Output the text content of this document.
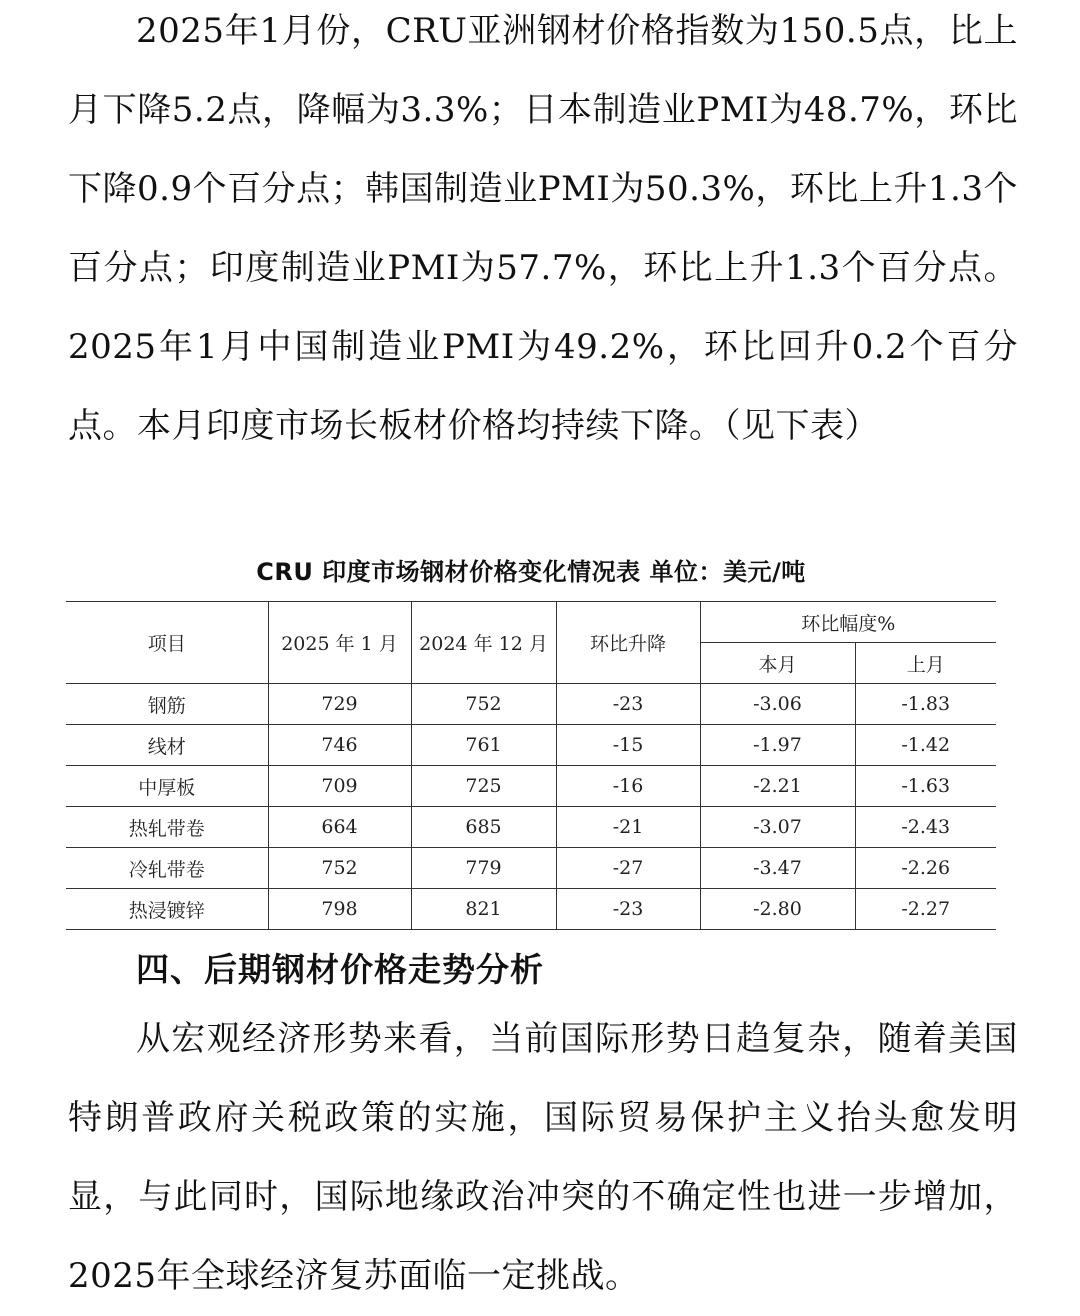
2025年1月份，CRU亚洲钢材价格指数为150.5点，比上月下降5.2点，降幅为3.3%；日本制造业PMI为48.7%，环比下降0.9个百分点；韩国制造业PMI为50.3%，环比上升1.3个百分点；印度制造业PMI为57.7%，环比上升1.3个百分点。2025年1月中国制造业PMI为49.2%，环比回升0.2个百分点。本月印度市场长板材价格均持续下降。（见下表）

CRU 印度市场钢材价格变化情况表 单位：美元/吨
项目	2025 年 1 月	2024 年 12 月	环比升降	环比幅度%	
				本月	上月
钢筋	729	752	-23	-3.06	-1.83
线材	746	761	-15	-1.97	-1.42
中厚板	709	725	-16	-2.21	-1.63
热轧带卷	664	685	-21	-3.07	-2.43
冷轧带卷	752	779	-27	-3.47	-2.26
热浸镀锌	798	821	-23	-2.80	-2.27
四、后期钢材价格走势分析

从宏观经济形势来看，当前国际形势日趋复杂，随着美国特朗普政府关税政策的实施，国际贸易保护主义抬头愈发明显，与此同时，国际地缘政治冲突的不确定性也进一步增加，2025年全球经济复苏面临一定挑战。
